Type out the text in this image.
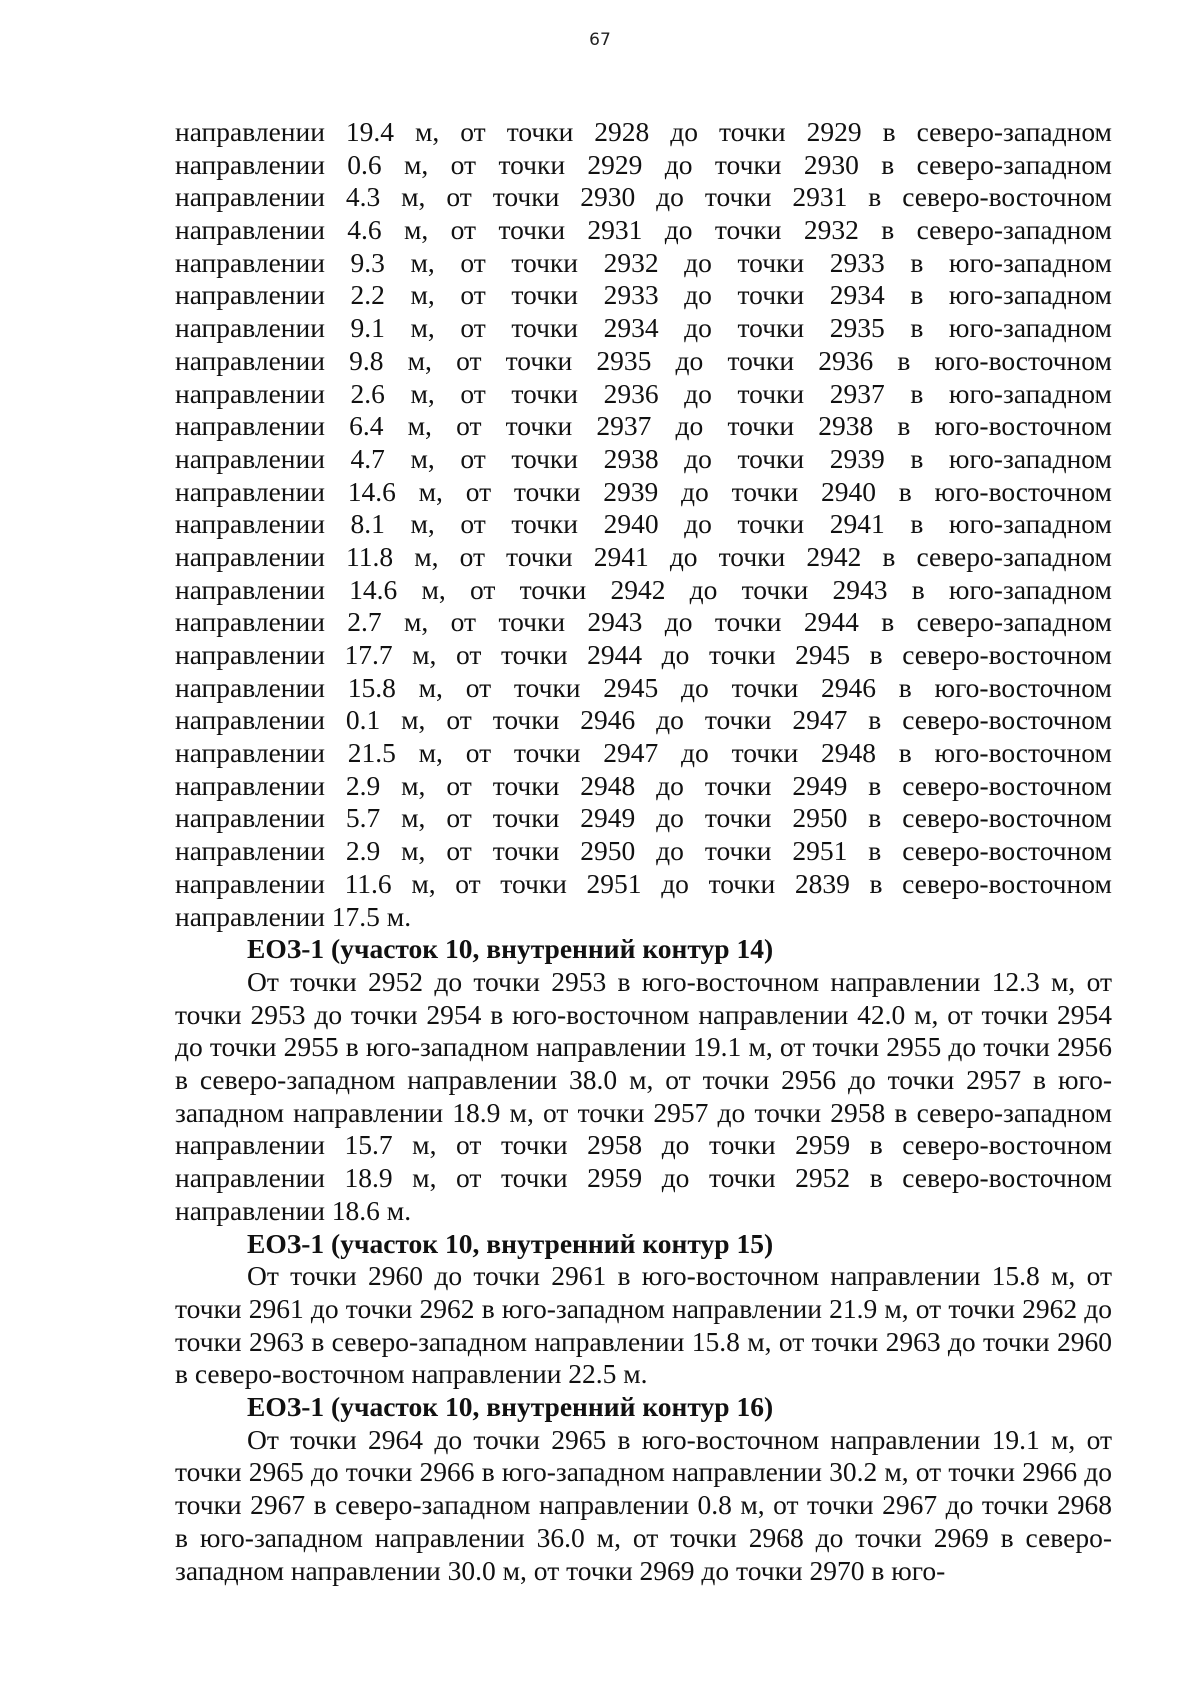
67
направлении 19.4 м, от точки 2928 до точки 2929 в северо-западном
направлении 0.6 м, от точки 2929 до точки 2930 в северо-западном
направлении 4.3 м, от точки 2930 до точки 2931 в северо-восточном
направлении 4.6 м, от точки 2931 до точки 2932 в северо-западном
направлении 9.3 м, от точки 2932 до точки 2933 в юго-западном
направлении 2.2 м, от точки 2933 до точки 2934 в юго-западном
направлении 9.1 м, от точки 2934 до точки 2935 в юго-западном
направлении 9.8 м, от точки 2935 до точки 2936 в юго-восточном
направлении 2.6 м, от точки 2936 до точки 2937 в юго-западном
направлении 6.4 м, от точки 2937 до точки 2938 в юго-восточном
направлении 4.7 м, от точки 2938 до точки 2939 в юго-западном
направлении 14.6 м, от точки 2939 до точки 2940 в юго-восточном
направлении 8.1 м, от точки 2940 до точки 2941 в юго-западном
направлении 11.8 м, от точки 2941 до точки 2942 в северо-западном
направлении 14.6 м, от точки 2942 до точки 2943 в юго-западном
направлении 2.7 м, от точки 2943 до точки 2944 в северо-западном
направлении 17.7 м, от точки 2944 до точки 2945 в северо-восточном
направлении 15.8 м, от точки 2945 до точки 2946 в юго-восточном
направлении 0.1 м, от точки 2946 до точки 2947 в северо-восточном
направлении 21.5 м, от точки 2947 до точки 2948 в юго-восточном
направлении 2.9 м, от точки 2948 до точки 2949 в северо-восточном
направлении 5.7 м, от точки 2949 до точки 2950 в северо-восточном
направлении 2.9 м, от точки 2950 до точки 2951 в северо-восточном
направлении 11.6 м, от точки 2951 до точки 2839 в северо-восточном
направлении 17.5 м.
ЕОЗ-1 (участок 10, внутренний контур 14)

От точки 2952 до точки 2953 в юго-восточном направлении 12.3 м, от точки 2953 до точки 2954 в юго-восточном направлении 42.0 м, от точки 2954 до точки 2955 в юго-западном направлении 19.1 м, от точки 2955 до точки 2956 в северо-западном направлении 38.0 м, от точки 2956 до точки 2957 в юго-западном направлении 18.9 м, от точки 2957 до точки 2958 в северо-западном направлении 15.7 м, от точки 2958 до точки 2959 в северо-восточном направлении 18.9 м, от точки 2959 до точки 2952 в северо-восточном направлении 18.6 м.

ЕОЗ-1 (участок 10, внутренний контур 15)

От точки 2960 до точки 2961 в юго-восточном направлении 15.8 м, от точки 2961 до точки 2962 в юго-западном направлении 21.9 м, от точки 2962 до точки 2963 в северо-западном направлении 15.8 м, от точки 2963 до точки 2960 в северо-восточном направлении 22.5 м.

ЕОЗ-1 (участок 10, внутренний контур 16)

От точки 2964 до точки 2965 в юго-восточном направлении 19.1 м, от точки 2965 до точки 2966 в юго-западном направлении 30.2 м, от точки 2966 до точки 2967 в северо-западном направлении 0.8 м, от точки 2967 до точки 2968 в юго-западном направлении 36.0 м, от точки 2968 до точки 2969 в северо-западном направлении 30.0 м, от точки 2969 до точки 2970 в юго-
